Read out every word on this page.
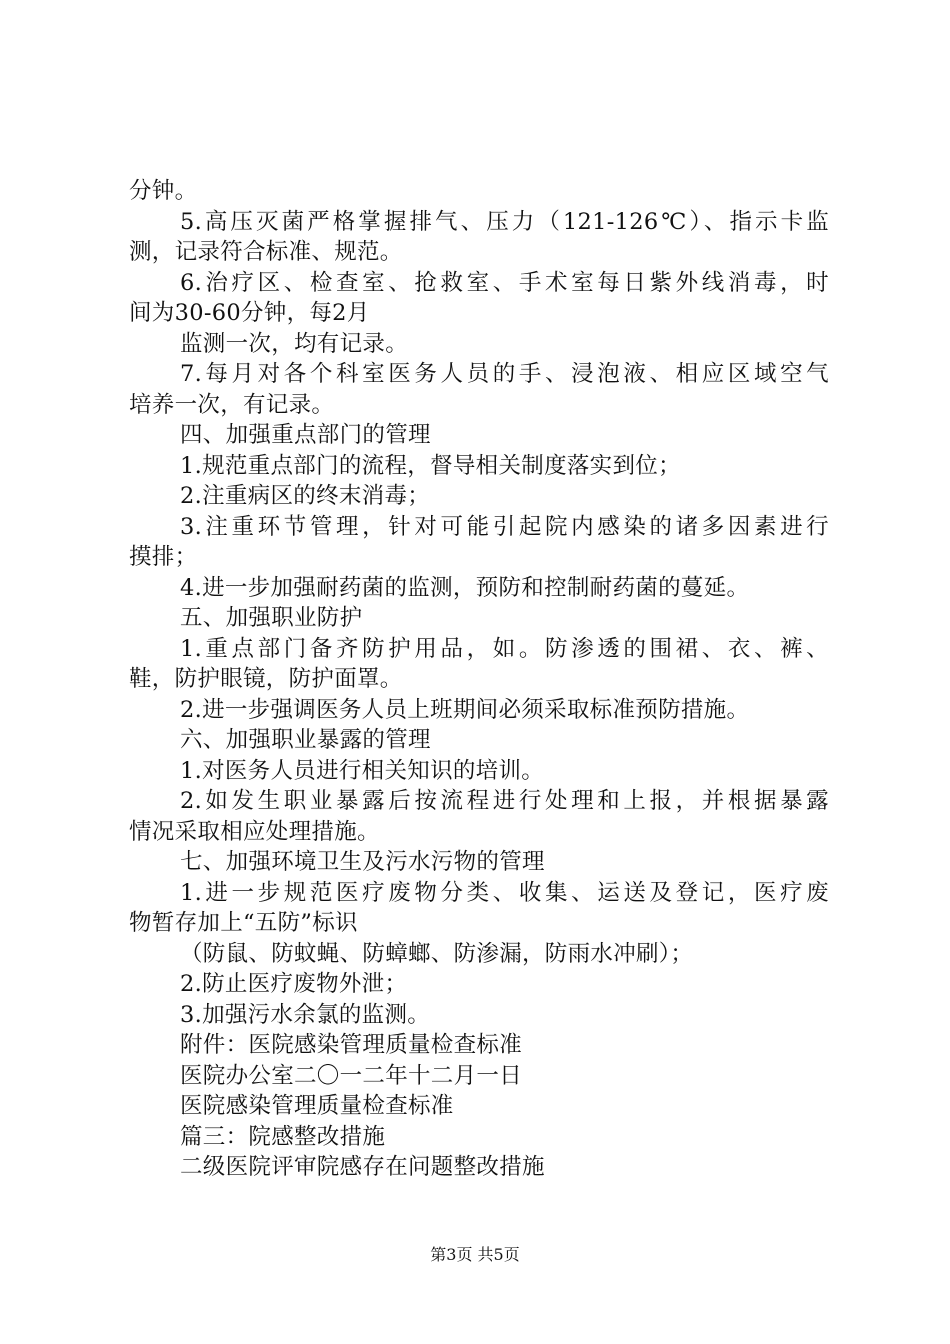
分钟。
5.高压灭菌严格掌握排气、压力（121-126℃）、指示卡监
测，记录符合标准、规范。
6.治疗区、检查室、抢救室、手术室每日紫外线消毒，时
间为30-60分钟，每2月
监测一次，均有记录。
7.每月对各个科室医务人员的手、浸泡液、相应区域空气
培养一次，有记录。
四、加强重点部门的管理
1.规范重点部门的流程，督导相关制度落实到位；
2.注重病区的终末消毒；
3.注重环节管理，针对可能引起院内感染的诸多因素进行
摸排；
4.进一步加强耐药菌的监测，预防和控制耐药菌的蔓延。
五、加强职业防护
1.重点部门备齐防护用品，如。防渗透的围裙、衣、裤、
鞋，防护眼镜，防护面罩。
2.进一步强调医务人员上班期间必须采取标准预防措施。
六、加强职业暴露的管理
1.对医务人员进行相关知识的培训。
2.如发生职业暴露后按流程进行处理和上报，并根据暴露
情况采取相应处理措施。
七、加强环境卫生及污水污物的管理
1.进一步规范医疗废物分类、收集、运送及登记，医疗废
物暂存加上“五防”标识
（防鼠、防蚊蝇、防蟑螂、防渗漏，防雨水冲刷）；
2.防止医疗废物外泄；
3.加强污水余氯的监测。
附件：医院感染管理质量检查标准
医院办公室二〇一二年十二月一日
医院感染管理质量检查标准
篇三：院感整改措施
二级医院评审院感存在问题整改措施
第3页 共5页
